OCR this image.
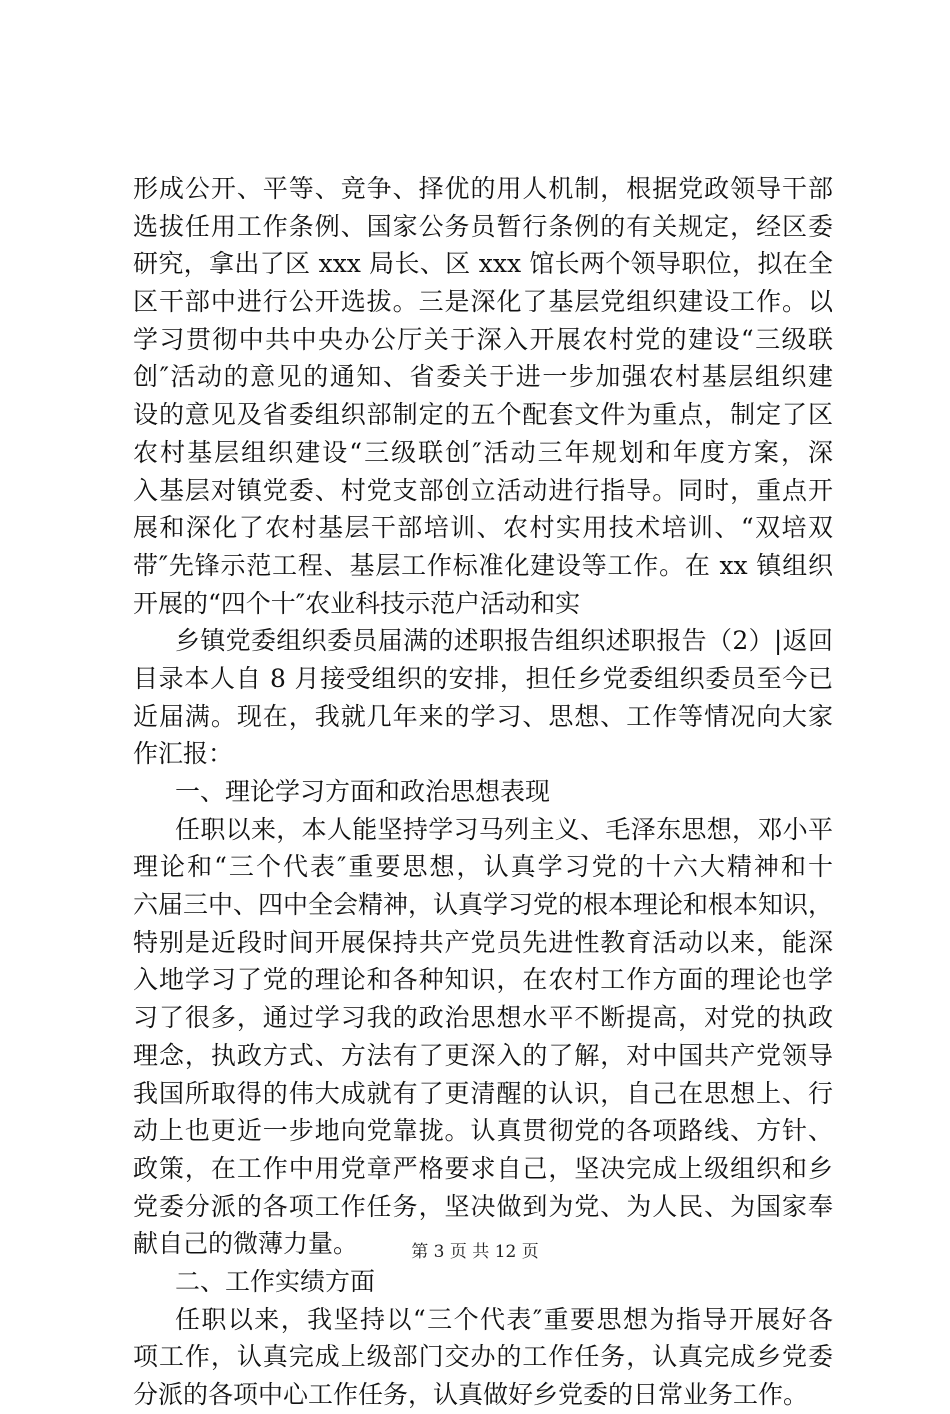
形成公开、平等、竞争、择优的用人机制，根据党政领导干部
选拔任用工作条例、国家公务员暂行条例的有关规定，经区委
研究，拿出了区 xxx 局长、区 xxx 馆长两个领导职位，拟在全
区干部中进行公开选拔。三是深化了基层党组织建设工作。以
学习贯彻中共中央办公厅关于深入开展农村党的建设“三级联
创″活动的意见的通知、省委关于进一步加强农村基层组织建
设的意见及省委组织部制定的五个配套文件为重点，制定了区
农村基层组织建设“三级联创″活动三年规划和年度方案，深
入基层对镇党委、村党支部创立活动进行指导。同时，重点开
展和深化了农村基层干部培训、农村实用技术培训、“双培双
带″先锋示范工程、基层工作标准化建设等工作。在 xx 镇组织
开展的“四个十″农业科技示范户活动和实
乡镇党委组织委员届满的述职报告组织述职报告（2）|返回
目录本人自 8 月接受组织的安排，担任乡党委组织委员至今已
近届满。现在，我就几年来的学习、思想、工作等情况向大家
作汇报：
一、理论学习方面和政治思想表现
任职以来，本人能坚持学习马列主义、毛泽东思想，邓小平
理论和“三个代表″重要思想，认真学习党的十六大精神和十
六届三中、四中全会精神，认真学习党的根本理论和根本知识，
特别是近段时间开展保持共产党员先进性教育活动以来，能深
入地学习了党的理论和各种知识，在农村工作方面的理论也学
习了很多，通过学习我的政治思想水平不断提高，对党的执政
理念，执政方式、方法有了更深入的了解，对中国共产党领导
我国所取得的伟大成就有了更清醒的认识，自己在思想上、行
动上也更近一步地向党靠拢。认真贯彻党的各项路线、方针、
政策，在工作中用党章严格要求自己，坚决完成上级组织和乡
党委分派的各项工作任务，坚决做到为党、为人民、为国家奉
献自己的微薄力量。
二、工作实绩方面
任职以来，我坚持以“三个代表″重要思想为指导开展好各
项工作，认真完成上级部门交办的工作任务，认真完成乡党委
分派的各项中心工作任务，认真做好乡党委的日常业务工作。
第 3 页 共 12 页
